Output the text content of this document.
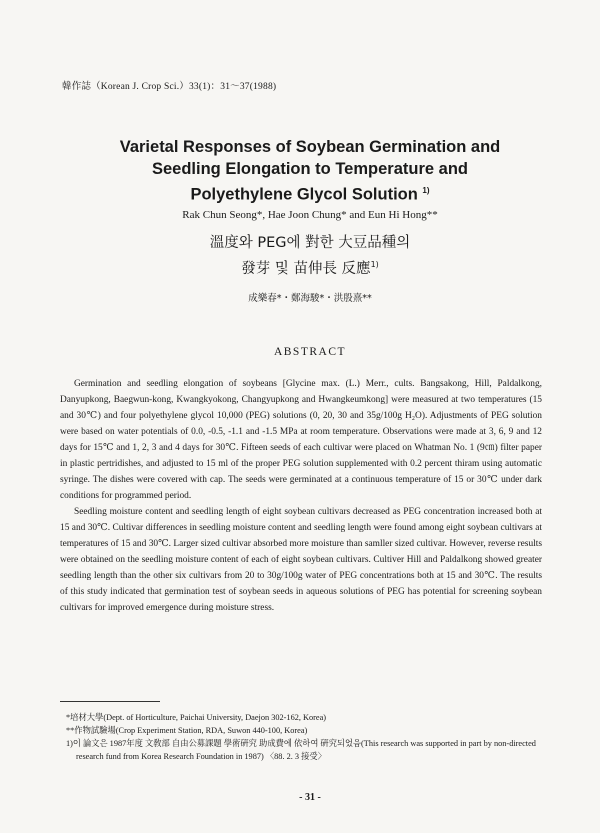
韓作誌（Korean J. Crop Sci.）33(1)：31～37(1988)
Varietal Responses of Soybean Germination and
Seedling Elongation to Temperature and
Polyethylene Glycol Solution $^{1)}$
Rak Chun Seong*, Hae Joon Chung* and Eun Hi Hong**
溫度와 PEG에 對한 大豆品種의
發芽 및 苗伸長 反應$^{1)}$
成樂春*・鄭海駿*・洪殷熹**
ABSTRACT

Germination and seedling elongation of soybeans [Glycine max. (L.) Merr., cults. Bangsakong, Hill, Paldalkong, Danyupkong, Baegwun-kong, Kwangkyokong, Changyupkong and Hwangkeumkong] were measured at two temperatures (15 and 30℃) and four polyethylene glycol 10,000 (PEG) solutions (0, 20, 30 and 35g/100g H₂O). Adjustments of PEG solution were based on water potentials of 0.0, -0.5, -1.1 and -1.5 MPa at room temperature. Observations were made at 3, 6, 9 and 12 days for 15℃ and 1, 2, 3 and 4 days for 30℃. Fifteen seeds of each cultivar were placed on Whatman No. 1 (9㎝) filter paper in plastic pertridishes, and adjusted to 15 ml of the proper PEG solution supplemented with 0.2 percent thiram using automatic syringe. The dishes were covered with cap. The seeds were germinated at a continuous temperature of 15 or 30℃ under dark conditions for programmed period.

Seedling moisture content and seedling length of eight soybean cultivars decreased as PEG concentration increased both at 15 and 30℃. Cultivar differences in seedling moisture content and seedling length were found among eight soybean cultivars at temperatures of 15 and 30℃. Larger sized cultivar absorbed more moisture than samller sized cultivar. However, reverse results were obtained on the seedling moisture content of each of eight soybean cultivars. Cultiver Hill and Paldalkong showed greater seedling length than the other six cultivars from 20 to 30g/100g water of PEG concentrations both at 15 and 30℃. The results of this study indicated that germination test of soybean seeds in aqueous solutions of PEG has potential for screening soybean cultivars for improved emergence during moisture stress.

*培材大學(Dept. of Horticulture, Paichai University, Daejon 302-162, Korea)

**作物試驗場(Crop Experiment Station, RDA, Suwon 440-100, Korea)

1)이 論文은 1987年度 文敎部 自由公募課題 學術硏究 助成費에 依하여 硏究되었음(This research was supported in part by non-directed research fund from Korea Research Foundation in 1987) 〈88. 2. 3 接受〉

- 31 -
